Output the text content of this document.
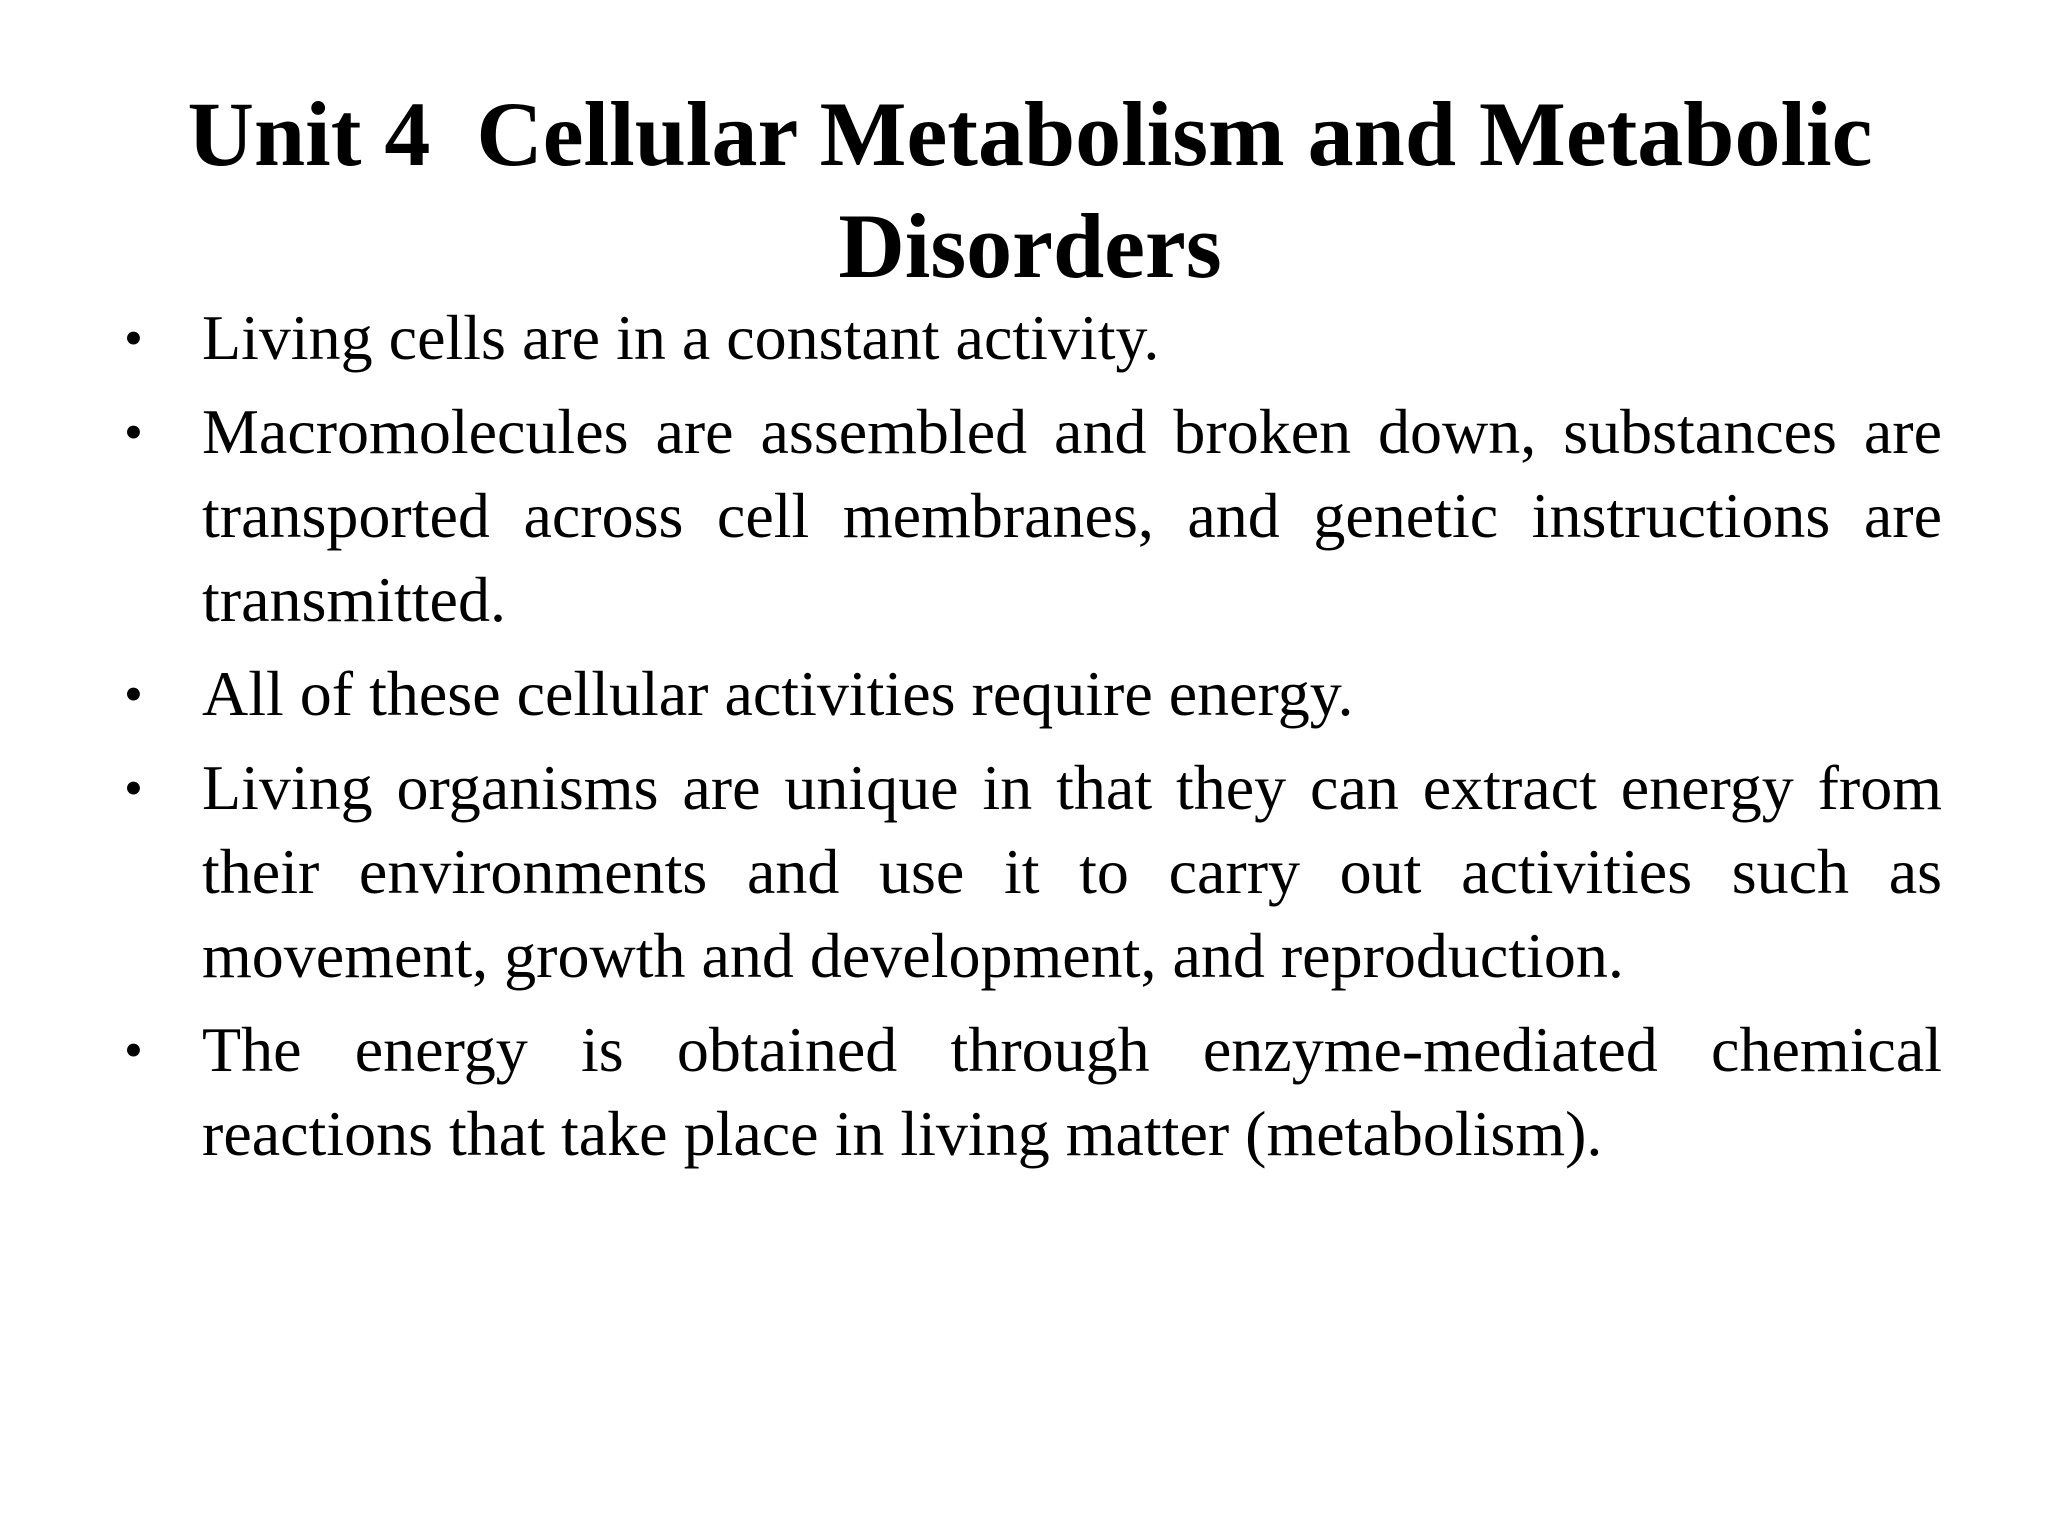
Unit 4  Cellular Metabolism and Metabolic Disorders
• Living cells are in a constant activity.
• Macromolecules are assembled and broken down, substances are transported across cell membranes, and genetic instructions are transmitted.
• All of these cellular activities require energy.
• Living organisms are unique in that they can extract energy from their environments and use it to carry out activities such as movement, growth and development, and reproduction.
• The energy is obtained through enzyme-mediated chemical reactions that take place in living matter (metabolism).
